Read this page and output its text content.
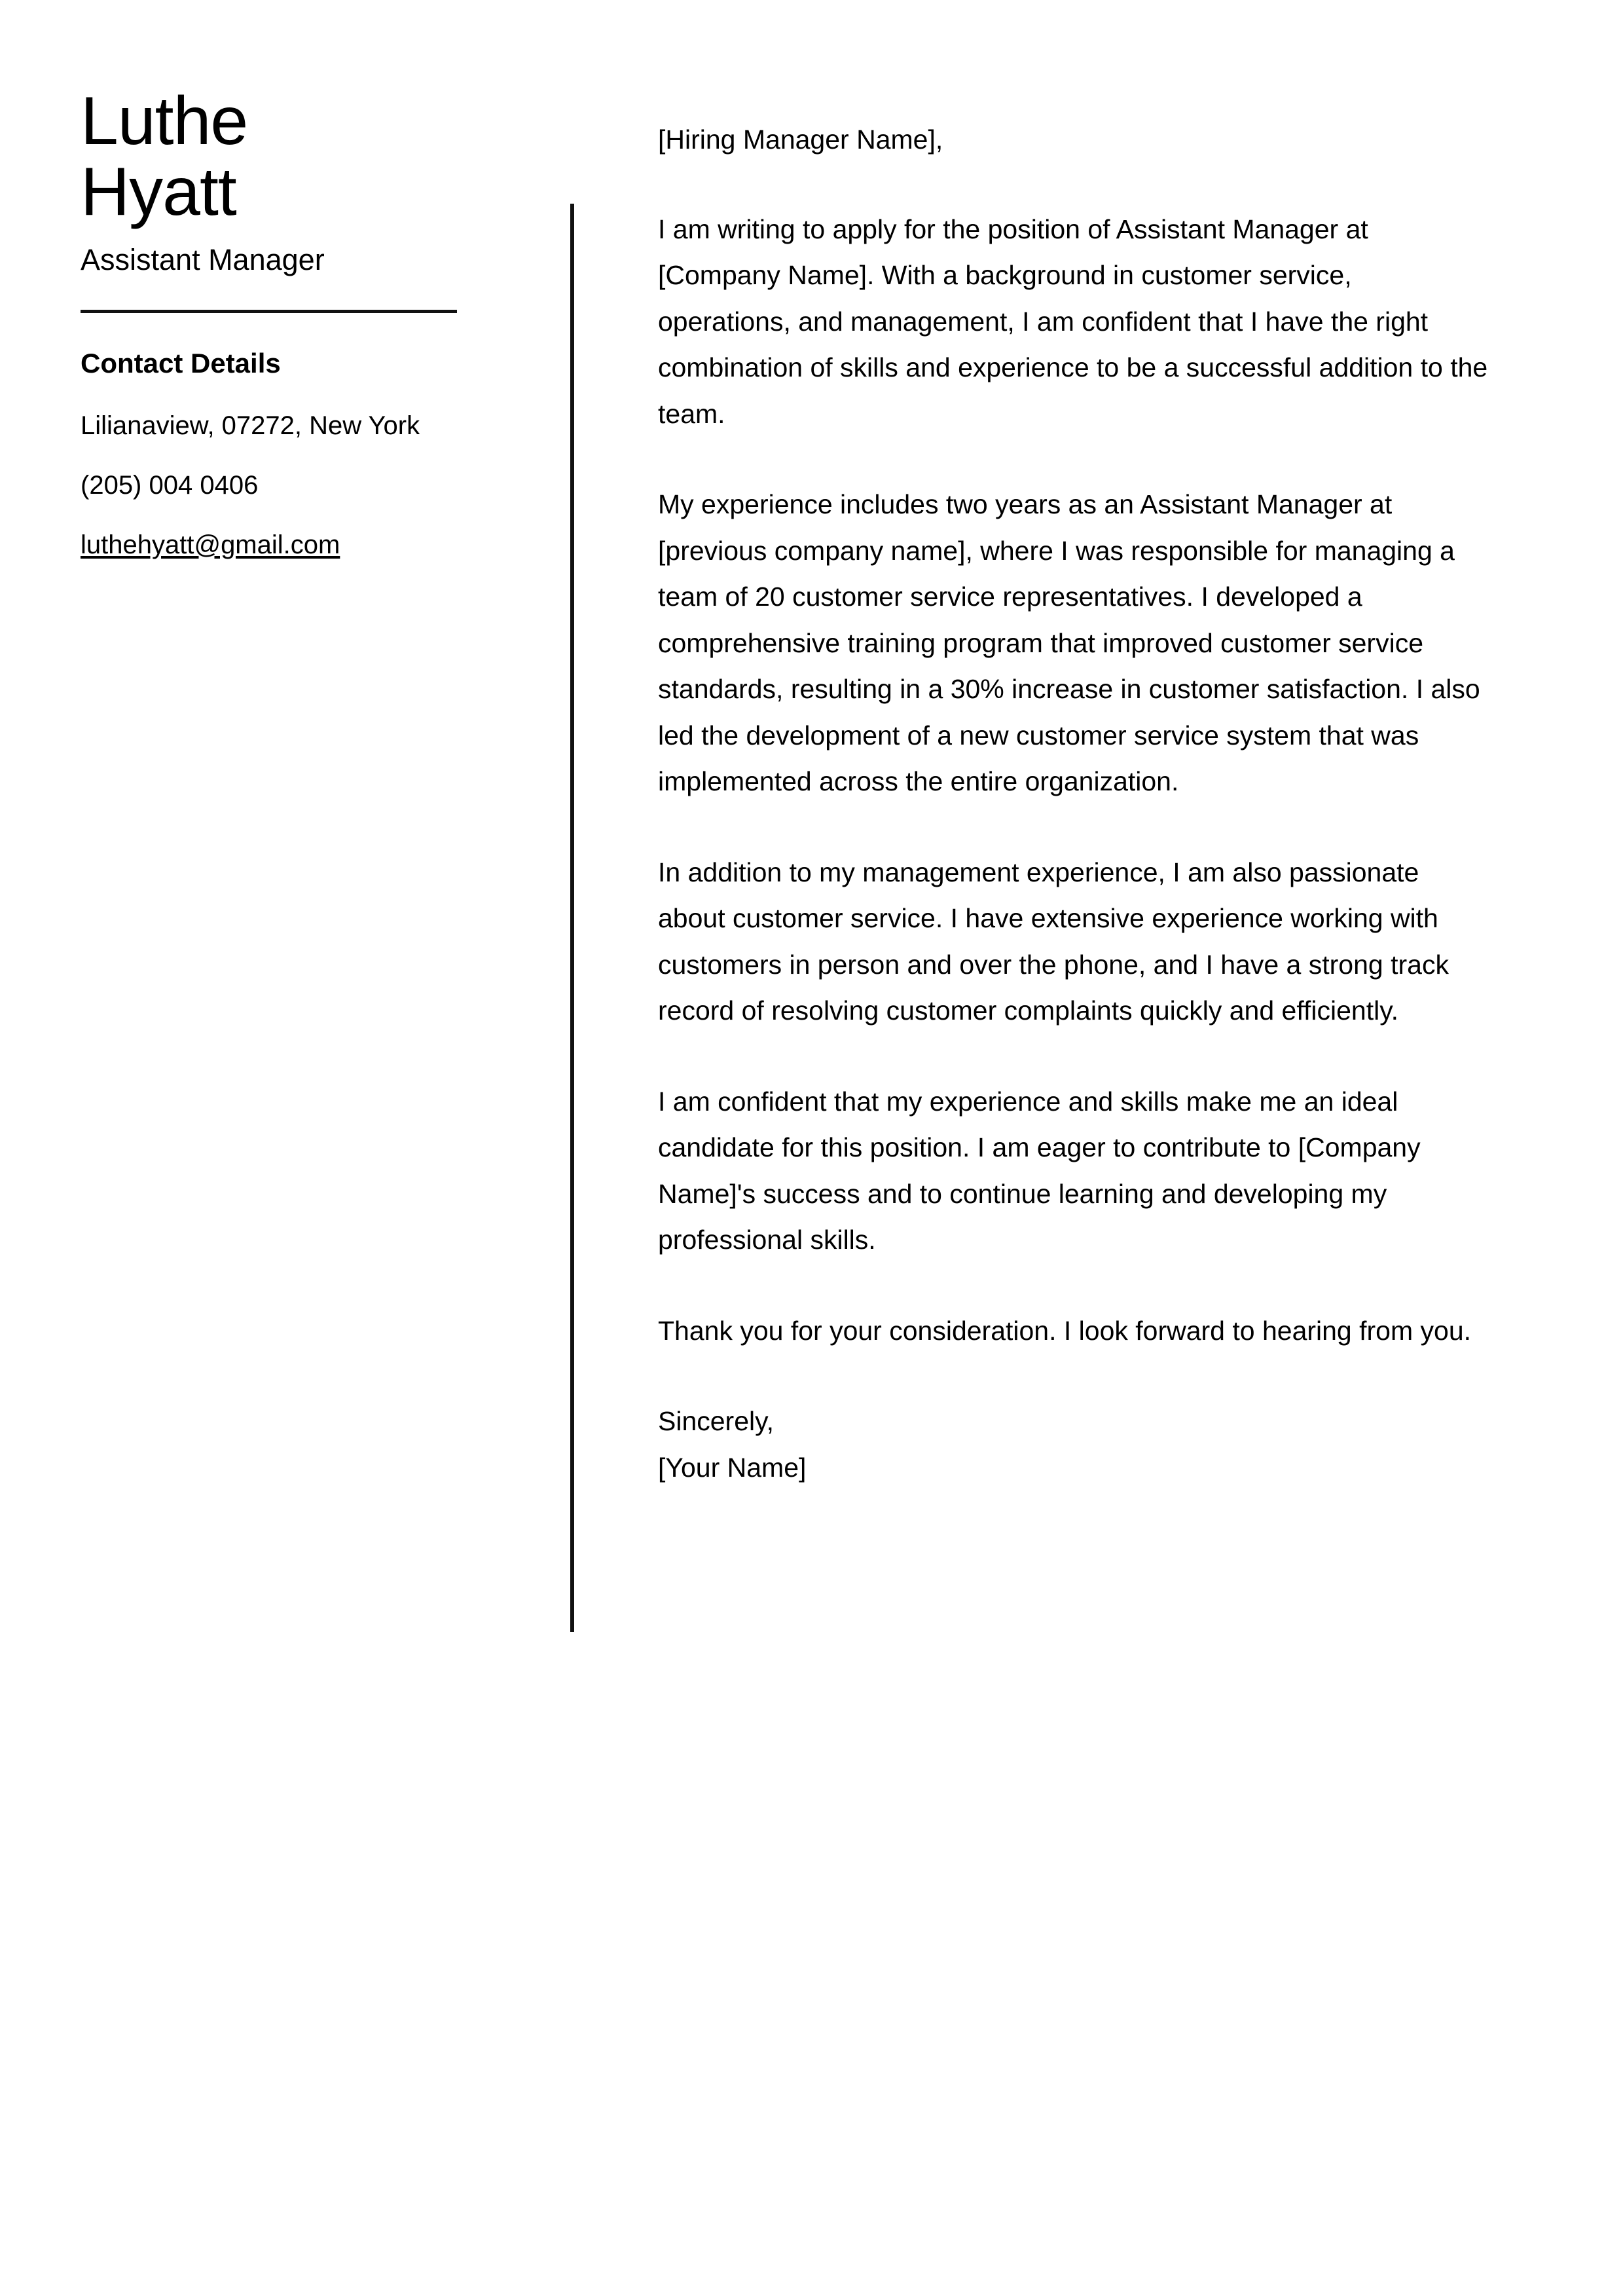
Luthe
Hyatt
Assistant Manager
Contact Details
Lilianaview, 07272, New York
(205) 004 0406
luthehyatt@gmail.com

[Hiring Manager Name],

I am writing to apply for the position of Assistant Manager at [Company Name]. With a background in customer service, operations, and management, I am confident that I have the right combination of skills and experience to be a successful addition to the team.

My experience includes two years as an Assistant Manager at [previous company name], where I was responsible for managing a team of 20 customer service representatives. I developed a comprehensive training program that improved customer service standards, resulting in a 30% increase in customer satisfaction. I also led the development of a new customer service system that was implemented across the entire organization.

In addition to my management experience, I am also passionate about customer service. I have extensive experience working with customers in person and over the phone, and I have a strong track record of resolving customer complaints quickly and efficiently.

I am confident that my experience and skills make me an ideal candidate for this position. I am eager to contribute to [Company Name]'s success and to continue learning and developing my professional skills.

Thank you for your consideration. I look forward to hearing from you.

Sincerely,

[Your Name]
